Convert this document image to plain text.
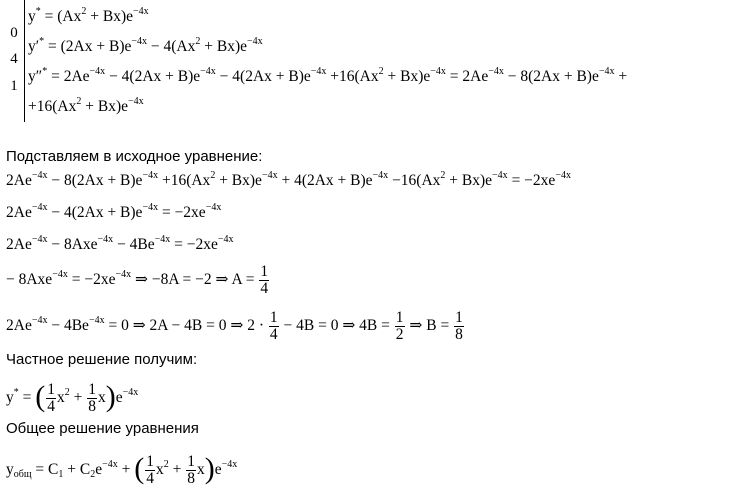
0
4
1
$y^* = (Ax^2 + Bx)e^{-4x}$
$y'^* = (2Ax + B)e^{-4x} - 4(Ax^2 + Bx)e^{-4x}$
$y''^* = 2Ae^{-4x} - 4(2Ax + B)e^{-4x} - 4(2Ax + B)e^{-4x} +16(Ax^2 + Bx)e^{-4x} = 2Ae^{-4x} - 8(2Ax + B)e^{-4x}$ +
$+16(Ax^2 + Bx)e^{-4x}$
Подставляем в исходное уравнение:
$2Ae^{-4x} - 8(2Ax + B)e^{-4x} +16(Ax^2 + Bx)e^{-4x} + 4(2Ax + B)e^{-4x} -16(Ax^2 + Bx)e^{-4x} = -2xe^{-4x}$
$2Ae^{-4x} - 4(2Ax + B)e^{-4x} = -2xe^{-4x}$
$2Ae^{-4x} - 8Axe^{-4x} - 4Be^{-4x} = -2xe^{-4x}$
− $8Axe^{-4x} = -2xe^{-4x}$ ⇒ −8A = −2 ⇒ $A = \frac{1}{4}$
$2Ae^{-4x} - 4Be^{-4x} = 0$ ⇒ 2A − 4B = 0 ⇒ $2 \cdot \frac{1}{4} - 4B = 0$ ⇒ $4B = \frac{1}{2}$ ⇒ $B = \frac{1}{8}$
Частное решение получим:
y* = ( $\frac{1}{4} x^2 + \frac{1}{8} x)e^{-4x}$
Общее решение уравнения
$y_{общ} = C_1 + C_2e^{-4x}$ + ( $\frac{1}{4} x^2 + \frac{1}{8} x)e^{-4x}$
